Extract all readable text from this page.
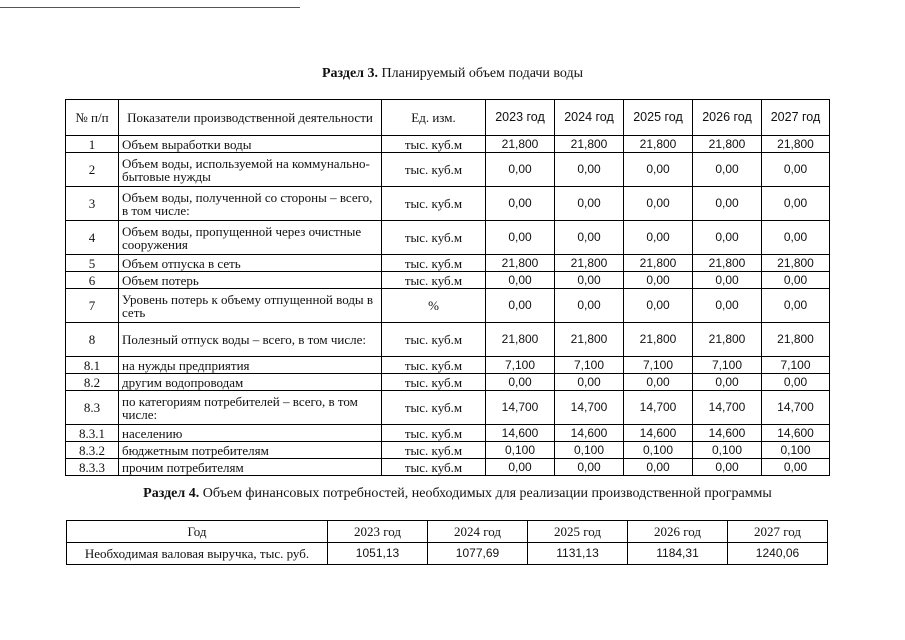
Раздел 3. Планируемый объем подачи воды
№ п/п	Показатели производственной деятельности	Ед. изм.	2023 год	2024 год	2025 год	2026 год	2027 год
1	Объем выработки воды	тыс. куб.м	21,800	21,800	21,800	21,800	21,800
2	Объем воды, используемой на коммунально-бытовые нужды	тыс. куб.м	0,00	0,00	0,00	0,00	0,00
3	Объем воды, полученной со стороны – всего, в том числе:	тыс. куб.м	0,00	0,00	0,00	0,00	0,00
4	Объем воды, пропущенной через очистные сооружения	тыс. куб.м	0,00	0,00	0,00	0,00	0,00
5	Объем отпуска в сеть	тыс. куб.м	21,800	21,800	21,800	21,800	21,800
6	Объем потерь	тыс. куб.м	0,00	0,00	0,00	0,00	0,00
7	Уровень потерь к объему отпущенной воды в сеть	%	0,00	0,00	0,00	0,00	0,00
8	Полезный отпуск воды – всего, в том числе:	тыс. куб.м	21,800	21,800	21,800	21,800	21,800
8.1	на нужды предприятия	тыс. куб.м	7,100	7,100	7,100	7,100	7,100
8.2	другим водопроводам	тыс. куб.м	0,00	0,00	0,00	0,00	0,00
8.3	по категориям потребителей – всего, в том числе:	тыс. куб.м	14,700	14,700	14,700	14,700	14,700
8.3.1	населению	тыс. куб.м	14,600	14,600	14,600	14,600	14,600
8.3.2	бюджетным потребителям	тыс. куб.м	0,100	0,100	0,100	0,100	0,100
8.3.3	прочим потребителям	тыс. куб.м	0,00	0,00	0,00	0,00	0,00
Раздел 4. Объем финансовых потребностей, необходимых для реализации производственной программы
Год	2023 год	2024 год	2025 год	2026 год	2027 год
Необходимая валовая выручка, тыс. руб.	1051,13	1077,69	1131,13	1184,31	1240,06
